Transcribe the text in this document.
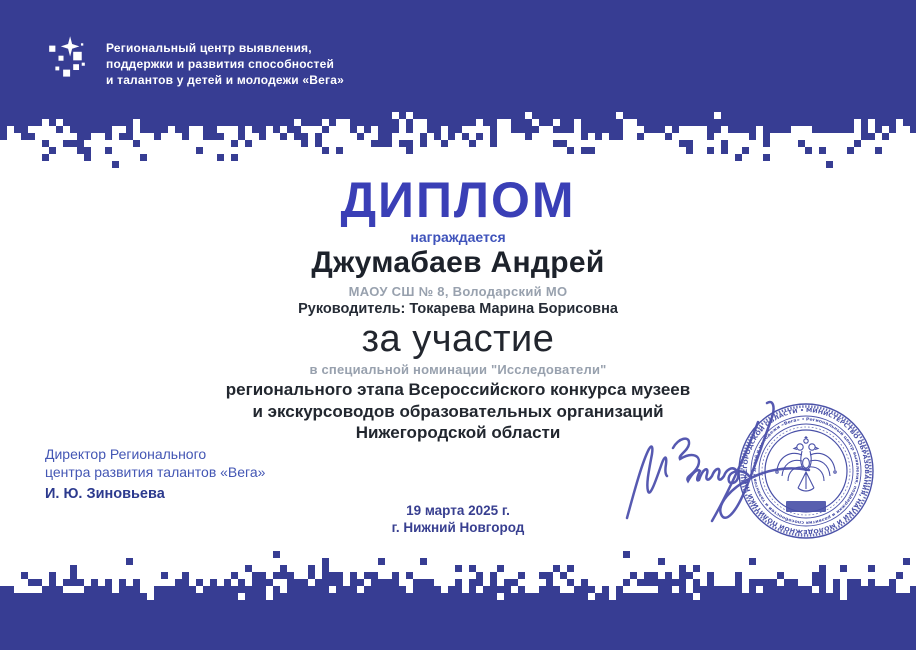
Региональный центр выявления,
поддержки и развития способностей
и талантов у детей и молодежи «Вега»
ДИПЛОМ
награждается
Джумабаев Андрей
МАОУ СШ № 8, Володарский МО
Руководитель: Токарева Марина Борисовна
за участие
в специальной номинации "Исследователи"
регионального этапа Всероссийского конкурса музеев
и экскурсоводов образовательных организаций
Нижегородской области
Директор Регионального
центра развития талантов «Вега»
И. Ю. Зиновьева
19 марта 2025 г.
г. Нижний Новгород
МИНИСТЕРСТВО ОБРАЗОВАНИЯ, НАУКИ И МОЛОДЕЖНОЙ ПОЛИТИКИ НИЖЕГОРОДСКОЙ ОБЛАСТИ •
Региональный центр выявления, поддержки и развития способностей и талантов у детей и молодежи «Вега» •
